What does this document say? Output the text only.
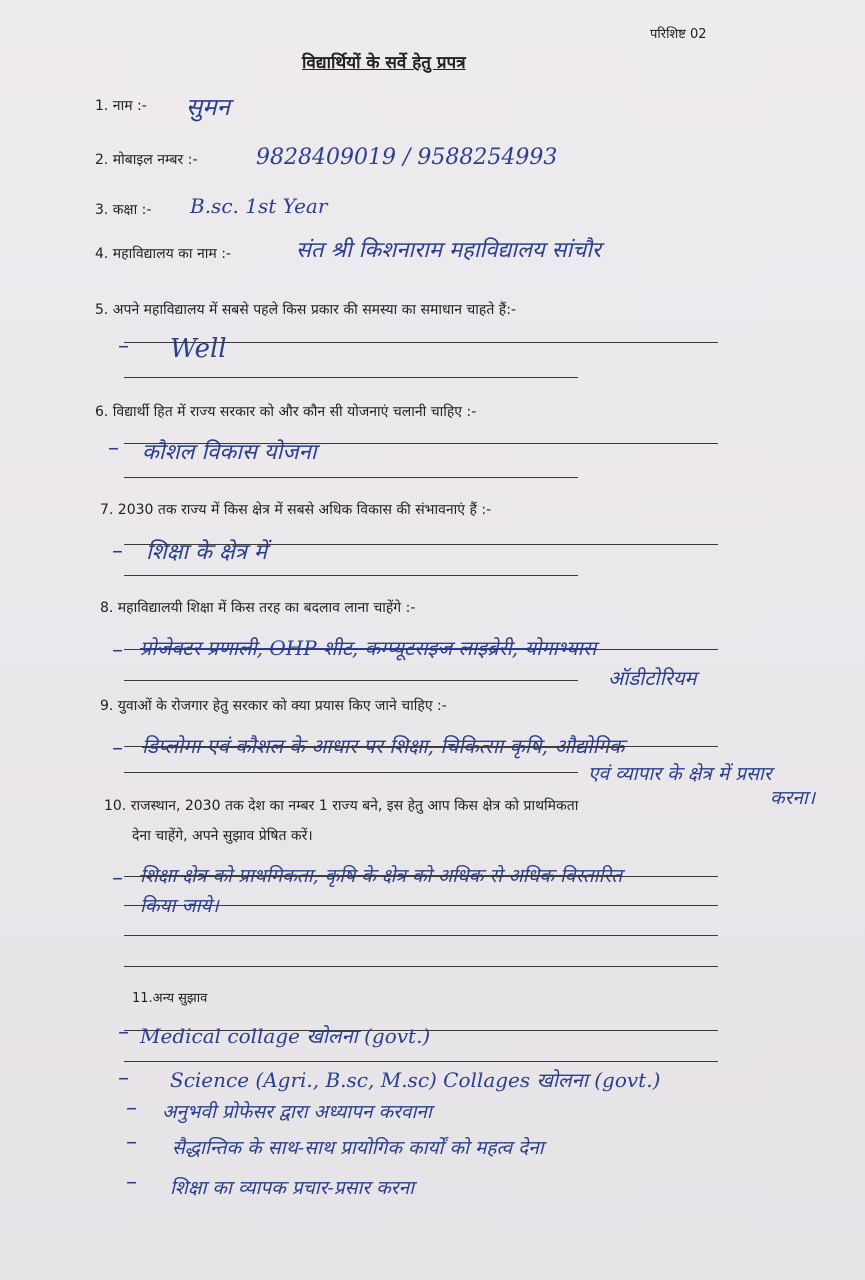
परिशिष्ट 02
विद्यार्थियों के सर्वे हेतु प्रपत्र
1. नाम :- सुमन
2. मोबाइल नम्बर :-	9828409019 / 9588254993
3. कक्षा :- B.sc. 1st Year
4. महाविद्यालय का नाम :-	संत श्री किशनाराम महाविद्यालय सांचौर
5. अपने महाविद्यालय में सबसे पहले किस प्रकार की समस्या का समाधान चाहते हैं:-
– Well
6. विद्यार्थी हित में राज्य सरकार को और कौन सी योजनाएं चलानी चाहिए :-
– कौशल विकास योजना
7. 2030 तक राज्य में किस क्षेत्र में सबसे अधिक विकास की संभावनाएं हैं :-
– शिक्षा के क्षेत्र में
8. महाविद्यालयी शिक्षा में किस तरह का बदलाव लाना चाहेंगे :-
– प्रोजेक्टर प्रणाली, OHP शीट, कम्प्यूटराइज लाइब्रेरी, योगाभ्यास
ऑडीटोरियम
9. युवाओं के रोजगार हेतु सरकार को क्या प्रयास किए जाने चाहिए :-
– डिप्लोमा एवं कौशल के आधार पर शिक्षा, चिकित्सा कृषि, औद्योगिक
एवं व्यापार के क्षेत्र में प्रसार
करना।
10. राजस्थान, 2030 तक देश का नम्बर 1 राज्य बने, इस हेतु आप किस क्षेत्र को प्राथमिकता
देना चाहेंगे, अपने सुझाव प्रेषित करें।
– शिक्षा क्षेत्र को प्राथमिकता, कृषि के क्षेत्र को अधिक से अधिक विस्तारित
किया जाये।
11.अन्य सुझाव
– Medical collage खोलना (govt.)
– Science (Agri., B.sc, M.sc) Collages खोलना (govt.)
– अनुभवी प्रोफेसर द्वारा अध्यापन करवाना
– सैद्धान्तिक के साथ-साथ प्रायोगिक कार्यों को महत्व देना
– शिक्षा का व्यापक प्रचार-प्रसार करना
